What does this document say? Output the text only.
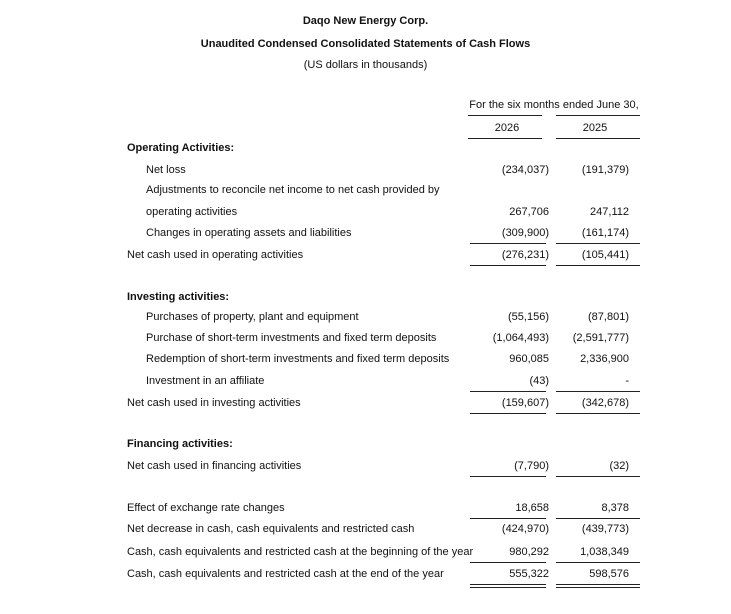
Daqo New Energy Corp.
Unaudited Condensed Consolidated Statements of Cash Flows
(US dollars in thousands)
For the six months ended June 30,
2026	2025
Operating Activities:
Net loss	(234,037)	(191,379)
Adjustments to reconcile net income to net cash provided by
operating activities	267,706	247,112
Changes in operating assets and liabilities	(309,900)	(161,174)
Net cash used in operating activities	(276,231)	(105,441)
Investing activities:
Purchases of property, plant and equipment	(55,156)	(87,801)
Purchase of short-term investments and fixed term deposits	(1,064,493) (2,591,777)
Redemption of short-term investments and fixed term deposits	960,085	2,336,900
Investment in an affiliate	(43)	-
Net cash used in investing activities	(159,607)	(342,678)
Financing activities:
Net cash used in financing activities	(7,790)	(32)
Effect of exchange rate changes	18,658	8,378
Net decrease in cash, cash equivalents and restricted cash	(424,970)	(439,773)
Cash, cash equivalents and restricted cash at the beginning of the year	980,292	1,038,349
Cash, cash equivalents and restricted cash at the end of the year	555,322	598,576
